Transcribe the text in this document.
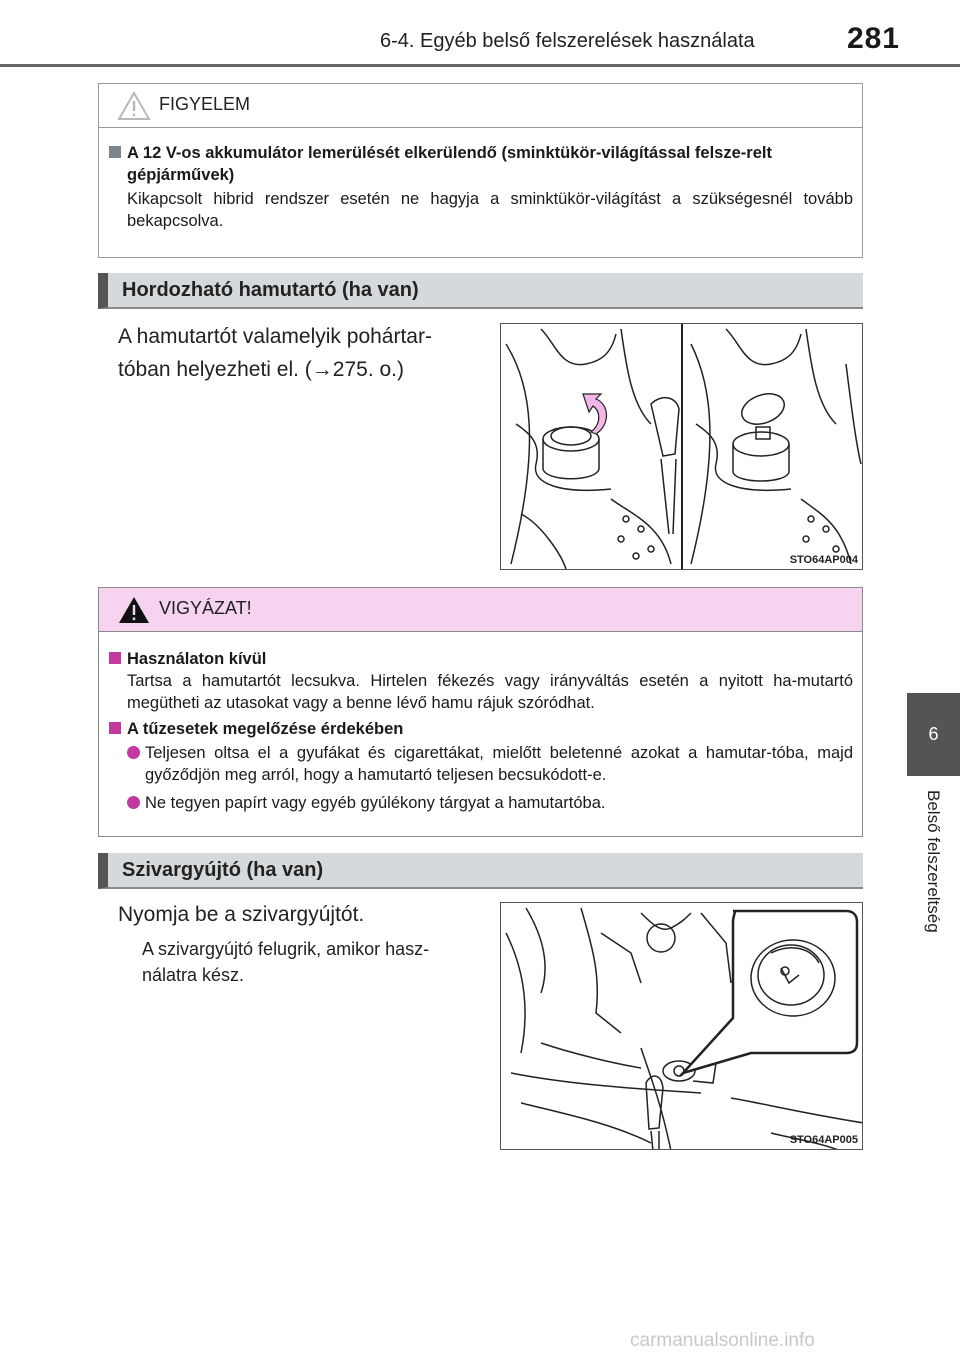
6-4. Egyéb belső felszerelések használata	281
6
Belső felszereltség
FIGYELEM
A 12 V-os akkumulátor lemerülését elkerülendő (sminktükör-világítással felsze-relt gépjárművek)
Kikapcsolt hibrid rendszer esetén ne hagyja a sminktükör-világítást a szükségesnél tovább bekapcsolva.
Hordozható hamutartó (ha van)
A hamutartót valamelyik pohártar-tóban helyezheti el. (→275. o.)
STO64AP004
VIGYÁZAT!
Használaton kívül
Tartsa a hamutartót lecsukva. Hirtelen fékezés vagy irányváltás esetén a nyitott ha-mutartó megütheti az utasokat vagy a benne lévő hamu rájuk szóródhat.
A tűzesetek megelőzése érdekében
Teljesen oltsa el a gyufákat és cigarettákat, mielőtt beletenné azokat a hamutar-tóba, majd győződjön meg arról, hogy a hamutartó teljesen becsukódott-e.
Ne tegyen papírt vagy egyéb gyúlékony tárgyat a hamutartóba.
Szivargyújtó (ha van)
Nyomja be a szivargyújtót.
A szivargyújtó felugrik, amikor hasz-nálatra kész.
STO64AP005
carmanualsonline.info
